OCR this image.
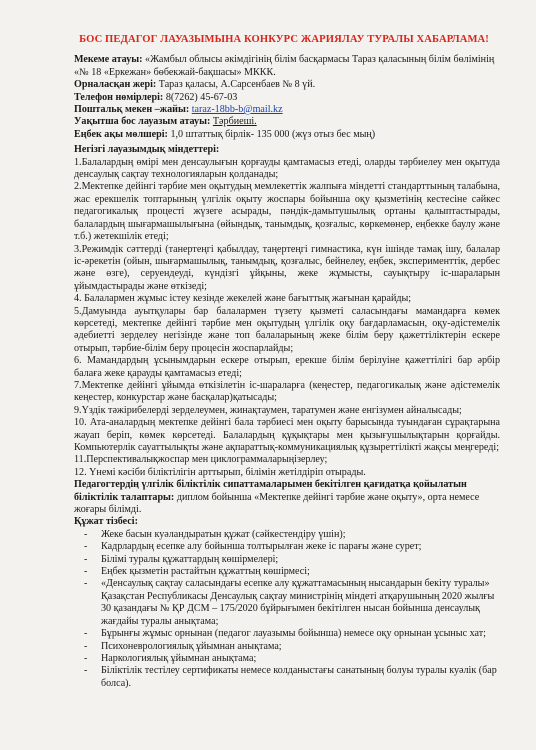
БОС ПЕДАГОГ ЛАУАЗЫМЫНА КОНКУРС ЖАРИЯЛАУ ТУРАЛЫ ХАБАРЛАМА!

Мекеме атауы: «Жамбыл облысы әкімдігінің білім басқармасы Тараз қаласының білім бөлімінің «№ 18 «Еркежан» бөбекжай-бақшасы» МККК.

Орналасқан жері: Тараз қаласы, А.Сарсенбаев № 8 үй.

Телефон нөмірлері: 8(7262) 45-67-03

Поштальқ мекен –жайы: taraz-18bb-b@mail.kz

Уақытша бос лауазым атауы: Тәрбиеші.

Еңбек ақы мөлшері: 1,0 штаттық бірлік- 135 000 (жүз отыз бес мың)

Негізгі лауазымдық міндеттері:

1.Балалардың өмірі мен денсаулығын қорғауды қамтамасыз етеді, оларды тәрбиелеу мен оқытуда денсаулық сақтау технологияларын қолданады;

2.Мектепке дейінгі тәрбие мен оқытудың мемлекеттік жалпыға міндетті стандарттының талабына, жас ерекшелік топтарының үлгілік оқыту жоспары бойынша оқу қызметінің кестесіне сәйкес педагогикалық процесті жүзеге асырады, пәндік-дамытушылық ортаны қалыптастырады, балалардың шығармашылығына (өйындық, танымдық, қозғалыс, көркемөнер, еңбекке баулу және т.б.) жетекшілік етеді;

3.Режимдік сәттерді (танертеңгі қабылдау, таңертеңгі гимнастика, күн ішінде тамақ ішу, балалар іс-әрекетін (ойын, шығармашылық, танымдық, қозғалыс, бейнелеу, еңбек, эксперименттік, дербес және өзге), серуендеуді, күндізгі ұйқыны, жеке жұмысты, сауықтыру іс-шараларын ұйымдастырады және өткізеді;

4. Балалармен жұмыс істеу кезінде жекелей және бағыттық жағынан қарайды;

5.Дамуында ауытқулары бар балалармен түзету қызметі саласындағы мамандарға көмек көрсетеді, мектепке дейінгі тәрбие мен оқытудың үлгілік оқу бағдарламасын, оқу-әдістемелік әдебиетті зерделеу негізінде және топ балаларының жеке білім беру қажеттіліктерін ескере отырып, тәрбие-білім беру процесін жоспарлайды;

6. Мамандардың ұсынымдарын ескере отырып, ерекше білім берілуіне қажеттілігі бар әрбір балаға жеке қарауды қамтамасыз етеді;

7.Мектепке дейінгі ұйымда өткізілетін іс-шараларға (кеңестер, педагогикалық және әдістемелік кеңестер, конкурстар және басқалар)қатысады;

9.Үздік тәжірибелерді зерделеумен, жинақтаумен, таратумен және енгізумен айналысады;

10. Ата-аналардың мектепке дейінгі бала тәрбиесі мен оқыту барысында туындаған сұрақтарына жауап беріп, көмек көрсетеді. Балалардың құқықтары мен қызығушылықтарын қорғайды. Компьютерлік сауаттылықты және ақпараттық-коммуникациялық құзыреттілікті жақсы меңгереді;

11.Перспективалықжоспар мен циклограммаларыңізерлеу;

12. Үнемі кәсіби біліктілігін арттырып, білімін жетілдіріп отырады.

Педагогтердің үлгілік біліктілік сипаттамаларымен бекітілген қағидатқа қойылатын біліктілік талаптары: диплом бойынша «Мектепке дейінгі тәрбие және оқыту», орта немесе жоғары білімді.

Құжат тізбесі:
- Жеке басын куәландыратын құжат (сәйкестендіру үшін);
- Кадрлардың есепке алу бойынша толтырылған жеке іс парағы және сурет;
- Білімі туралы құжаттардың көшірмелері;
- Еңбек қызметін растайтын құжаттың көшірмесі;
- «Денсаулық сақтау саласындағы есепке алу құжаттамасының нысандарын бекіту туралы» Қазақстан Республикасы Денсаулық сақтау министрінің міндеті атқарушының 2020 жылғы 30 қазандағы № ҚР ДСМ – 175/2020 бұйрығымен бекітілген нысан бойынша денсаулық жағдайы туралы анықтама;
- Бұрынғы жұмыс орнынан (педагог лауазымы бойынша) немесе оқу орнынан ұсыныс хат;
- Психоневрологиялық ұйымнан анықтама;
- Наркологиялық ұйымнан анықтама;
- Біліктілік тестілеу сертификаты немесе колданыстағы санатының болуы туралы куәлік (бар болса).
